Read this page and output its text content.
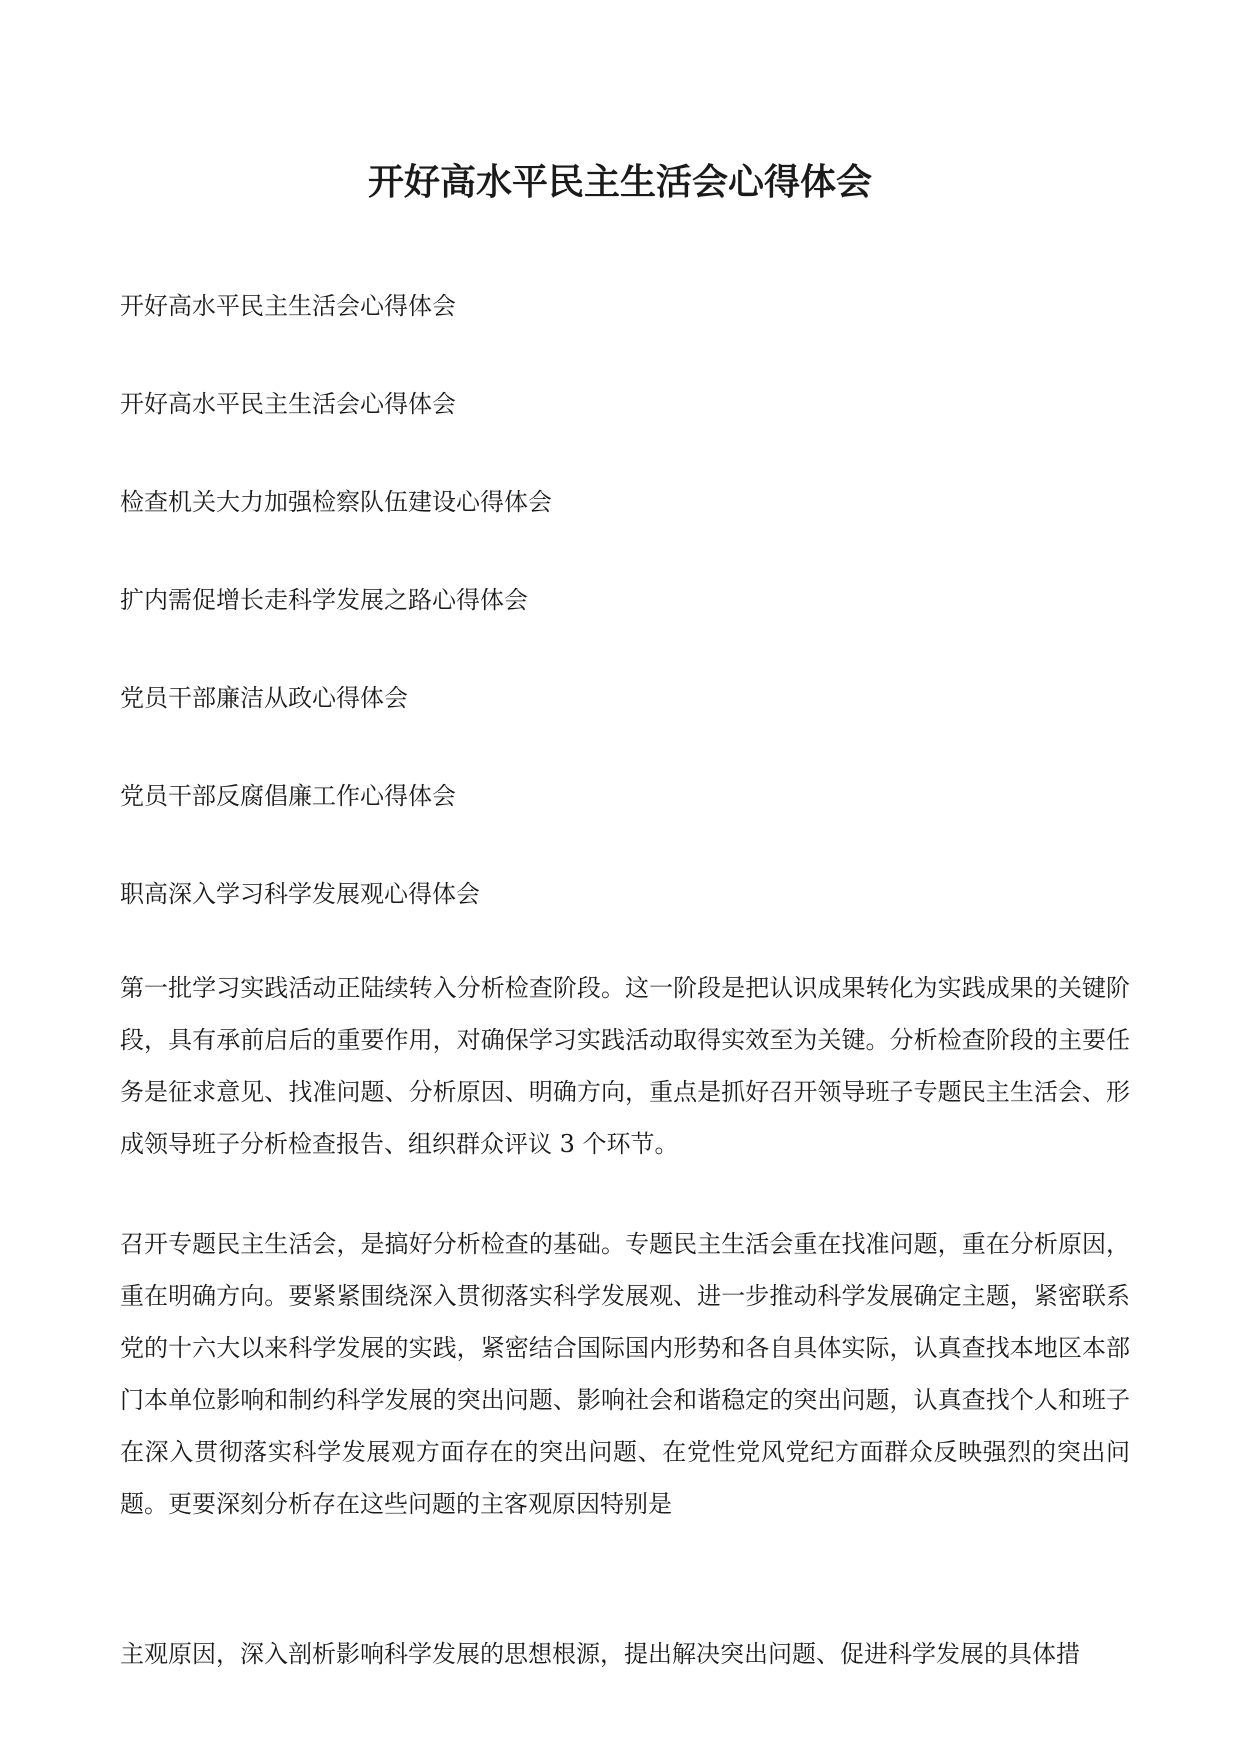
开好高水平民主生活会心得体会
开好高水平民主生活会心得体会
开好高水平民主生活会心得体会
检查机关大力加强检察队伍建设心得体会
扩内需促增长走科学发展之路心得体会
党员干部廉洁从政心得体会
党员干部反腐倡廉工作心得体会
职高深入学习科学发展观心得体会

第一批学习实践活动正陆续转入分析检查阶段。这一阶段是把认识成果转化为实践成果的关键阶段，具有承前启后的重要作用，对确保学习实践活动取得实效至为关键。分析检查阶段的主要任务是征求意见、找准问题、分析原因、明确方向，重点是抓好召开领导班子专题民主生活会、形成领导班子分析检查报告、组织群众评议 3 个环节。

召开专题民主生活会，是搞好分析检查的基础。专题民主生活会重在找准问题，重在分析原因，重在明确方向。要紧紧围绕深入贯彻落实科学发展观、进一步推动科学发展确定主题，紧密联系党的十六大以来科学发展的实践，紧密结合国际国内形势和各自具体实际，认真查找本地区本部门本单位影响和制约科学发展的突出问题、影响社会和谐稳定的突出问题，认真查找个人和班子在深入贯彻落实科学发展观方面存在的突出问题、在党性党风党纪方面群众反映强烈的突出问题。更要深刻分析存在这些问题的主客观原因特别是

主观原因，深入剖析影响科学发展的思想根源，提出解决突出问题、促进科学发展的具体措
